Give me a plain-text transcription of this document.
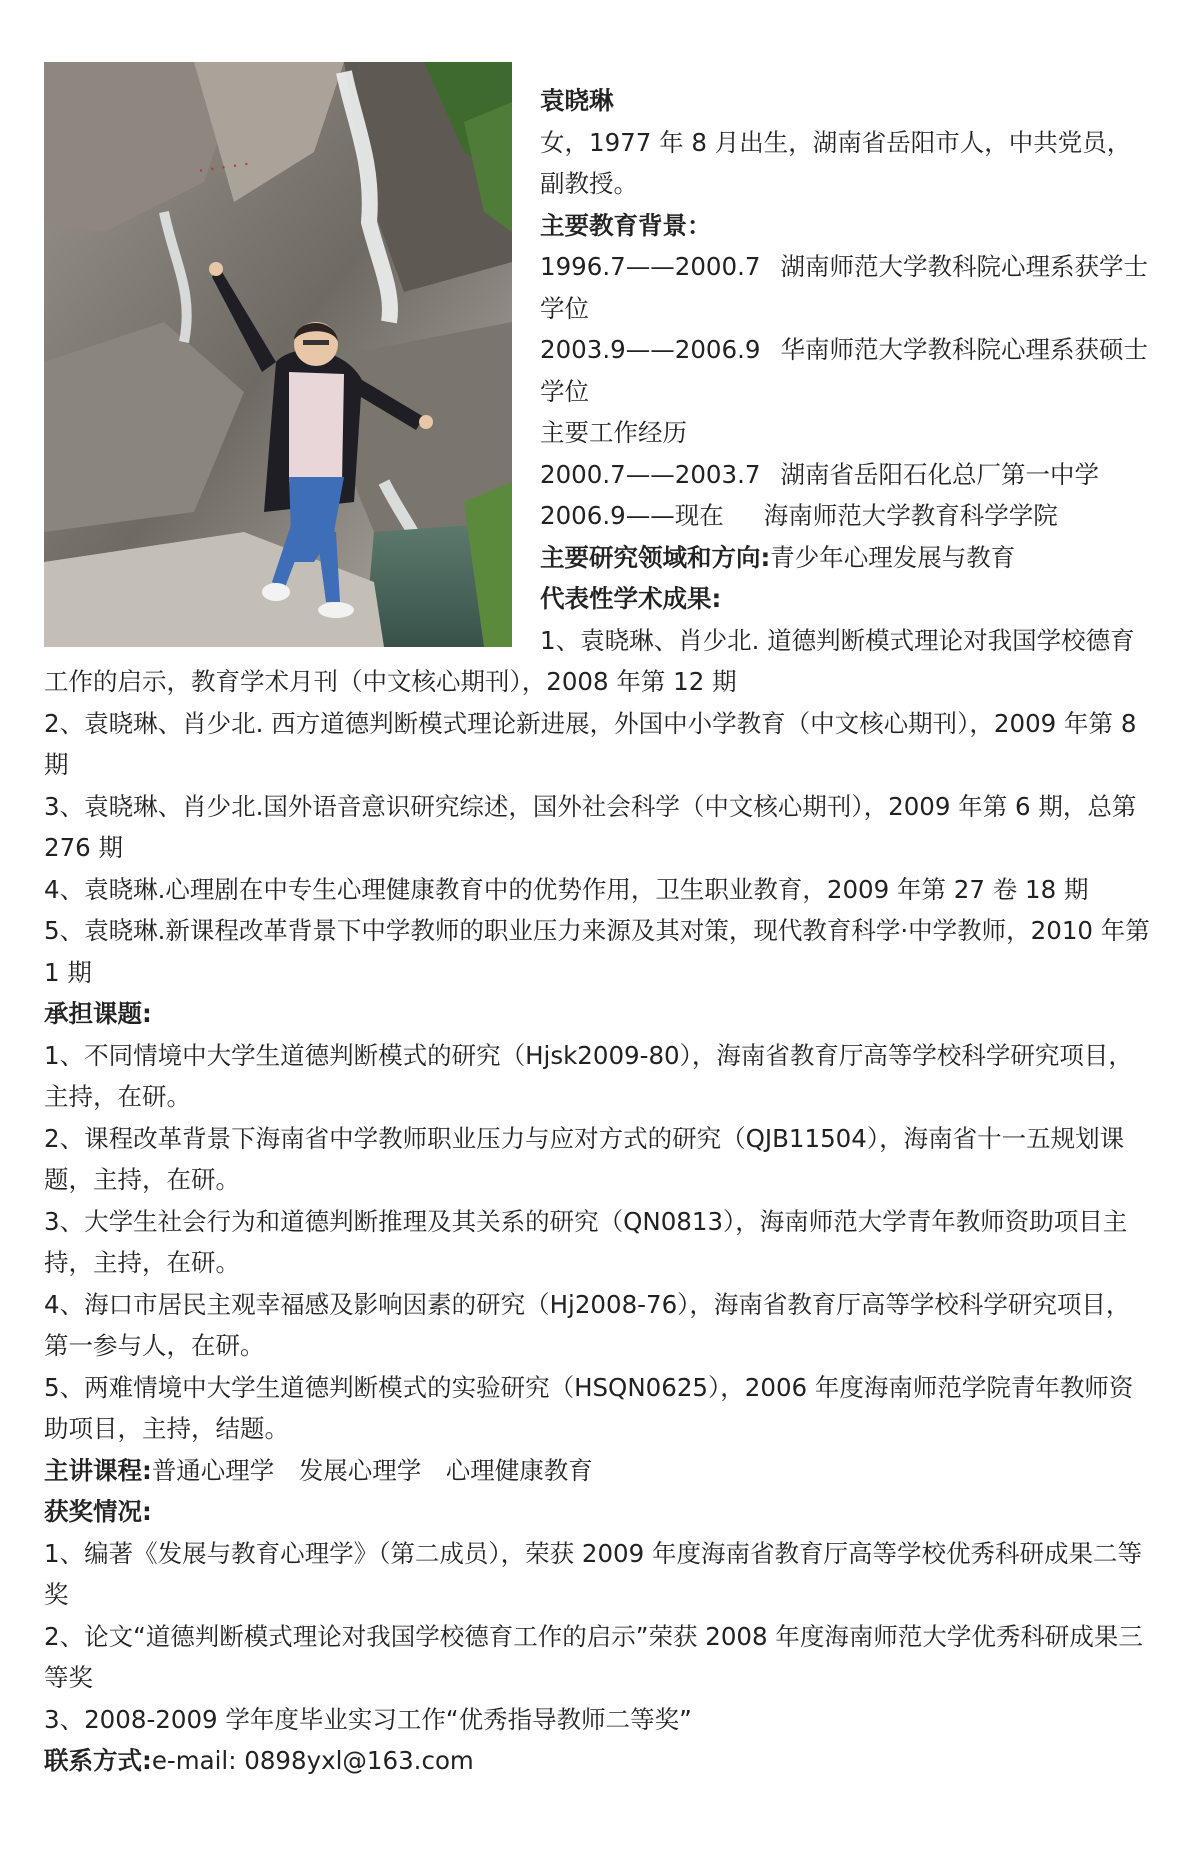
· · · · ·

袁晓琳

女，1977 年 8 月出生，湖南省岳阳市人，中共党员，副教授。

主要教育背景：

1996.7——2000.7 湖南师范大学教科院心理系获学士学位

2003.9——2006.9 华南师范大学教科院心理系获硕士学位

主要工作经历

2000.7——2003.7 湖南省岳阳石化总厂第一中学

2006.9——现在 海南师范大学教育科学学院

主要研究领域和方向:青少年心理发展与教育

代表性学术成果:

1、袁晓琳、肖少北. 道德判断模式理论对我国学校德育工作的启示，教育学术月刊（中文核心期刊），2008 年第 12 期

2、袁晓琳、肖少北. 西方道德判断模式理论新进展，外国中小学教育（中文核心期刊），2009 年第 8 期

3、袁晓琳、肖少北.国外语音意识研究综述，国外社会科学（中文核心期刊），2009 年第 6 期，总第 276 期

4、袁晓琳.心理剧在中专生心理健康教育中的优势作用，卫生职业教育，2009 年第 27 卷 18 期

5、袁晓琳.新课程改革背景下中学教师的职业压力来源及其对策，现代教育科学·中学教师，2010 年第 1 期

承担课题:

1、不同情境中大学生道德判断模式的研究（Hjsk2009-80），海南省教育厅高等学校科学研究项目，主持，在研。

2、课程改革背景下海南省中学教师职业压力与应对方式的研究（QJB11504），海南省十一五规划课题，主持，在研。

3、大学生社会行为和道德判断推理及其关系的研究（QN0813），海南师范大学青年教师资助项目主持，主持，在研。

4、海口市居民主观幸福感及影响因素的研究（Hj2008-76），海南省教育厅高等学校科学研究项目，第一参与人，在研。

5、两难情境中大学生道德判断模式的实验研究（HSQN0625），2006 年度海南师范学院青年教师资助项目，主持，结题。

主讲课程:普通心理学　发展心理学　心理健康教育

获奖情况:

1、编著《发展与教育心理学》（第二成员），荣获 2009 年度海南省教育厅高等学校优秀科研成果二等奖

2、论文“道德判断模式理论对我国学校德育工作的启示”荣获 2008 年度海南师范大学优秀科研成果三等奖

3、2008-2009 学年度毕业实习工作“优秀指导教师二等奖”

联系方式:e-mail: 0898yxl@163.com
